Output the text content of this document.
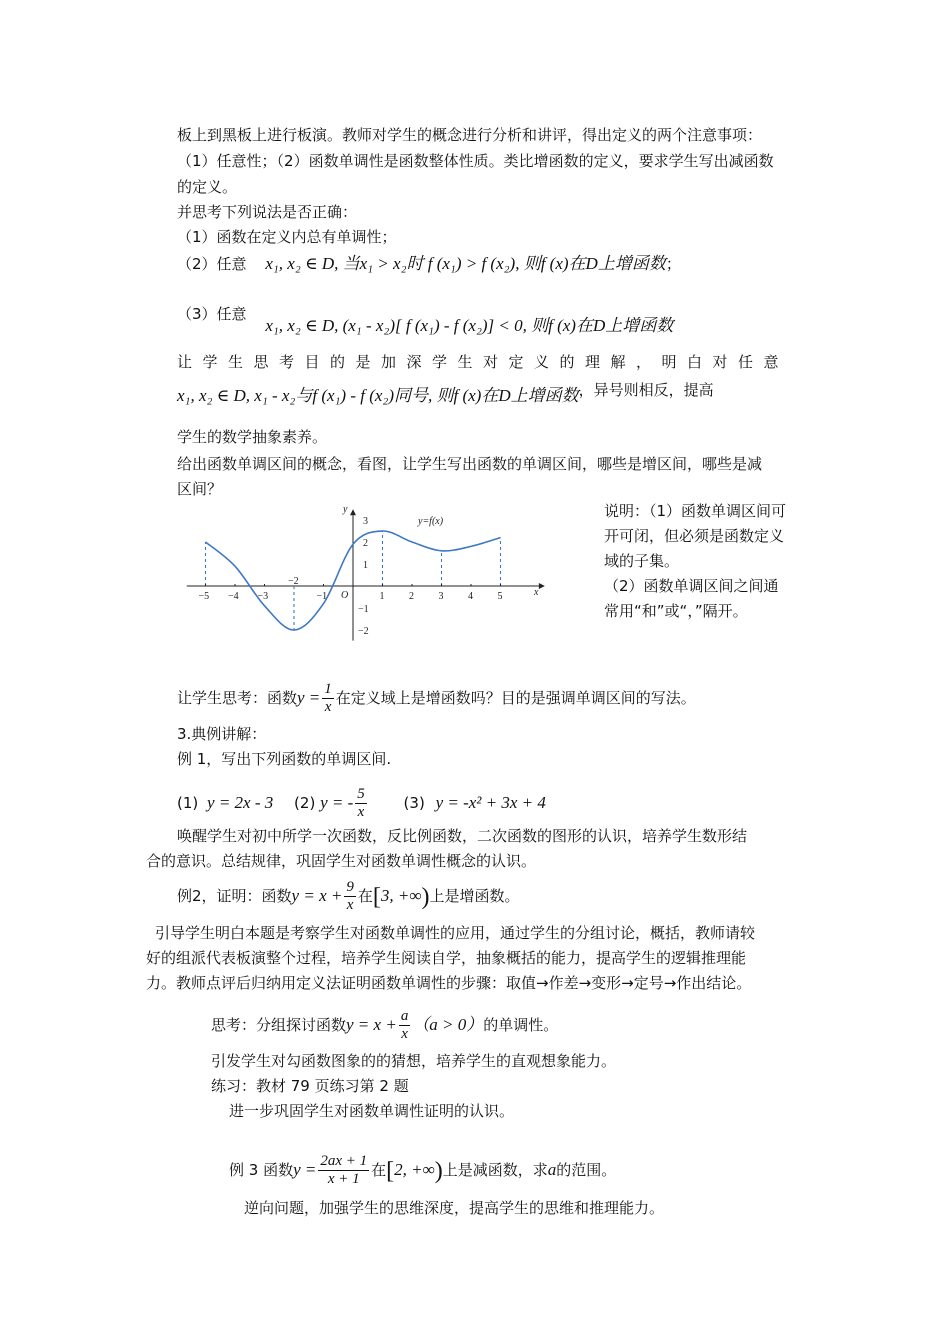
板上到黑板上进行板演。教师对学生的概念进行分析和讲评，得出定义的两个注意事项：
（1）任意性；（2）函数单调性是函数整体性质。类比增函数的定义，要求学生写出减函数
的定义。
并思考下列说法是否正确：
（1）函数在定义内总有单调性；
（2）任意 x₁, x₂ ∈ D, 当x₁ > x₂时 f (x₁) > f (x₂), 则f (x)在D上增函数；
（3）任意 x₁, x₂ ∈ D, (x₁ - x₂)[ f (x₁) - f (x₂)] < 0, 则f (x)在D上增函数
让学生思考目的是加深学生对定义的理解，明白对任意
x₁, x₂ ∈ D, x₁ - x₂与f (x₁) - f (x₂)同号, 则f (x)在D上增函数，异号则相反，提高
学生的数学抽象素养。
给出函数单调区间的概念，看图，让学生写出函数的单调区间，哪些是增区间，哪些是减
区间？
−5 −4 −3	−1	1 2 3 4 5
3
2
1
−1
−2
y=f(x)
x
y
O
−2
说明：（1）函数单调区间可
开可闭，但必须是函数定义
域的子集。
（2）函数单调区间之间通
常用“和”或“，”隔开。
让学生思考：函数$y = \frac{1}{x}$ 在定义域上是增函数吗？目的是强调单调区间的写法。
3.典例讲解：
例 1，写出下列函数的单调区间.
(1) y = 2x - 3 (2) y = - $\frac{5}{x} (3) y = -x^2 + 3x + 4$
唤醒学生对初中所学一次函数，反比例函数，二次函数的图形的认识，培养学生数形结
合的意识。总结规律，巩固学生对函数单调性概念的认识。
例2，证明：函数$y = x + \frac{9}{x}$ 在[3, +∞)上是增函数。
引导学生明白本题是考察学生对函数单调性的应用，通过学生的分组讨论，概括，教师请较
好的组派代表板演整个过程，培养学生阅读自学，抽象概括的能力，提高学生的逻辑推理能
力。教师点评后归纳用定义法证明函数单调性的步骤：取值→作差→变形→定号→作出结论。
思考：分组探讨函数$y = x + \frac{a}{x} (a > 0)$的单调性。
引发学生对勾函数图象的的猜想，培养学生的直观想象能力。
练习：教材 79 页练习第 2 题
进一步巩固学生对函数单调性证明的认识。
例 3 函数$y = \frac{2ax + 1}{x + 1}$ 在[2, +∞)上是减函数，求a的范围。
逆向问题，加强学生的思维深度，提高学生的思维和推理能力。
